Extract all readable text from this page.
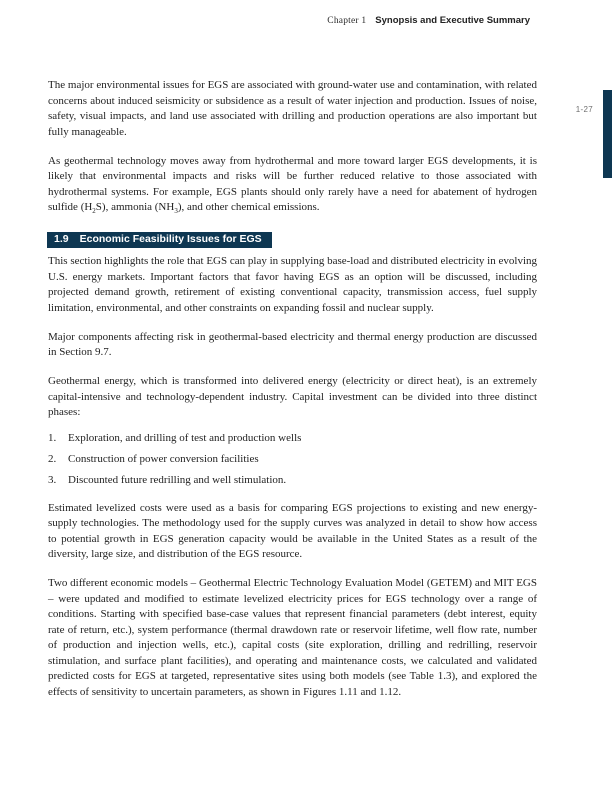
Chapter 1 Synopsis and Executive Summary
1-27

The major environmental issues for EGS are associated with ground-water use and contamination, with related concerns about induced seismicity or subsidence as a result of water injection and production. Issues of noise, safety, visual impacts, and land use associated with drilling and production operations are also important but fully manageable.

As geothermal technology moves away from hydrothermal and more toward larger EGS developments, it is likely that environmental impacts and risks will be further reduced relative to those associated with hydrothermal systems. For example, EGS plants should only rarely have a need for abatement of hydrogen sulfide $(H_2S)$, ammonia $(NH_3)$, and other chemical emissions.

1.9 Economic Feasibility Issues for EGS

This section highlights the role that EGS can play in supplying base-load and distributed electricity in evolving U.S. energy markets. Important factors that favor having EGS as an option will be discussed, including projected demand growth, retirement of existing conventional capacity, transmission access, fuel supply limitation, environmental, and other constraints on expanding fossil and nuclear supply.

Major components affecting risk in geothermal-based electricity and thermal energy production are discussed in Section 9.7.

Geothermal energy, which is transformed into delivered energy (electricity or direct heat), is an extremely capital-intensive and technology-dependent industry. Capital investment can be divided into three distinct phases:

1.	Exploration, and drilling of test and production wells
2.	Construction of power conversion facilities
3.	Discounted future redrilling and well stimulation.

Estimated levelized costs were used as a basis for comparing EGS projections to existing and new energy-supply technologies. The methodology used for the supply curves was analyzed in detail to show how access to potential growth in EGS generation capacity would be available in the United States as a result of the diversity, large size, and distribution of the EGS resource.

Two different economic models – Geothermal Electric Technology Evaluation Model (GETEM) and MIT EGS – were updated and modified to estimate levelized electricity prices for EGS technology over a range of conditions. Starting with specified base-case values that represent financial parameters (debt interest, equity rate of return, etc.), system performance (thermal drawdown rate or reservoir lifetime, well flow rate, number of production and injection wells, etc.), capital costs (site exploration, drilling and redrilling, reservoir stimulation, and surface plant facilities), and operating and maintenance costs, we calculated and validated predicted costs for EGS at targeted, representative sites using both models (see Table 1.3), and explored the effects of sensitivity to uncertain parameters, as shown in Figures 1.11 and 1.12.
